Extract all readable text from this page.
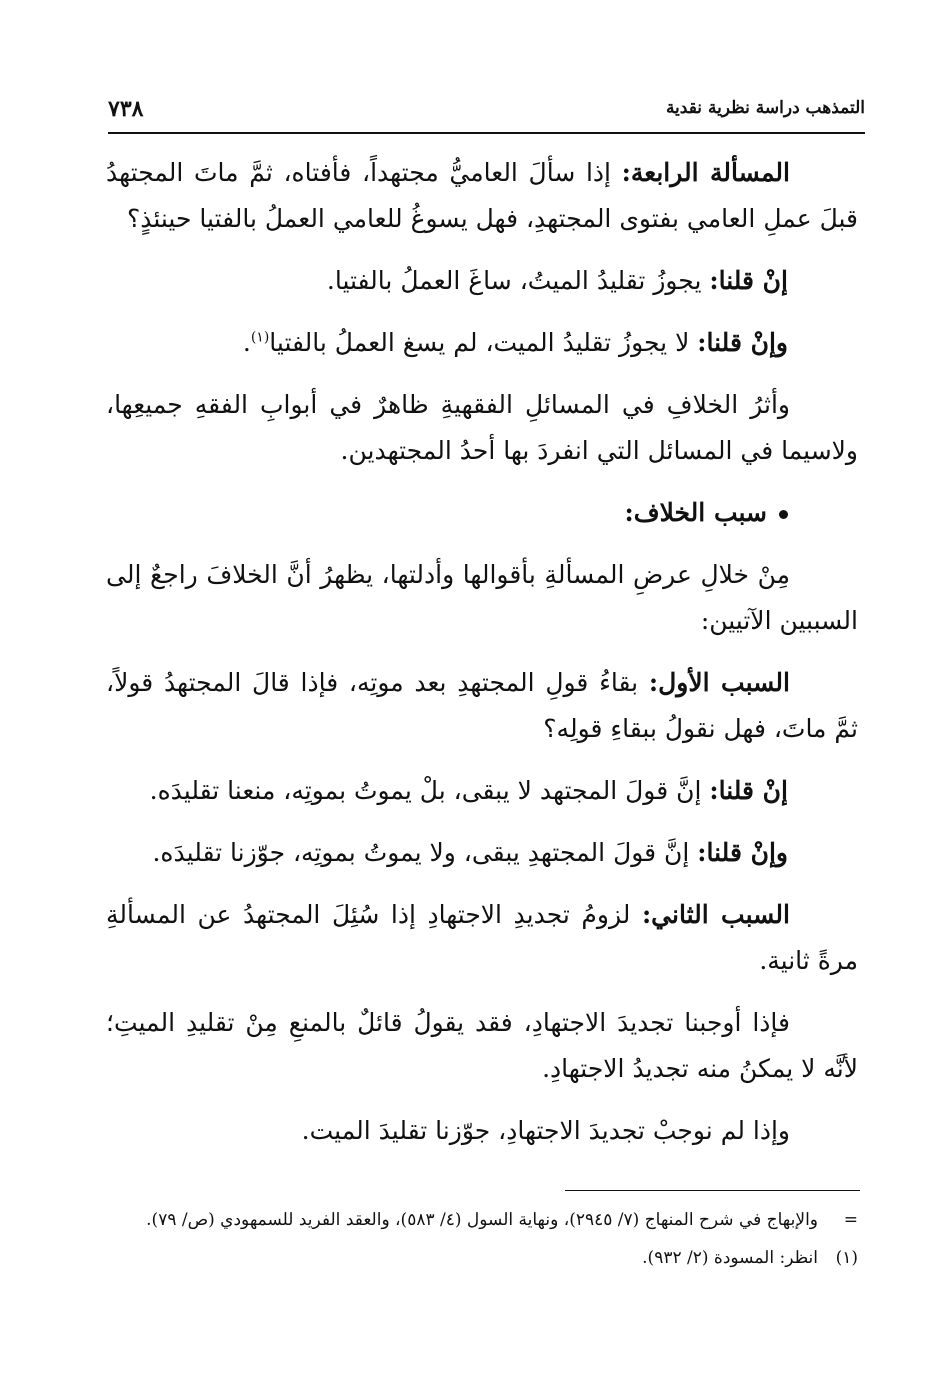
٧٣٨	التمذهب دراسة نظرية نقدية

المسألة الرابعة: إذا سألَ العاميُّ مجتهداً، فأفتاه، ثمَّ ماتَ المجتهدُ قبلَ عملِ العامي بفتوى المجتهدِ، فهل يسوغُ للعامي العملُ بالفتيا حينئذٍ؟

إنْ قلنا: يجوزُ تقليدُ الميتُ، ساغَ العملُ بالفتيا.

وإنْ قلنا: لا يجوزُ تقليدُ الميت، لم يسغ العملُ بالفتيا$^{(١)}$.

وأثرُ الخلافِ في المسائلِ الفقهيةِ ظاهرٌ في أبوابِ الفقهِ جميعِها، ولاسيما في المسائل التي انفردَ بها أحدُ المجتهدين.

سبب الخلاف:

مِنْ خلالِ عرضِ المسألةِ بأقوالها وأدلتها، يظهرُ أنَّ الخلافَ راجعٌ إلى السببين الآتيين:

السبب الأول: بقاءُ قولِ المجتهدِ بعد موتِه، فإذا قالَ المجتهدُ قولاً، ثمَّ ماتَ، فهل نقولُ ببقاءِ قولِه؟

إنْ قلنا: إنَّ قولَ المجتهد لا يبقى، بلْ يموتُ بموتِه، منعنا تقليدَه.

وإنْ قلنا: إنَّ قولَ المجتهدِ يبقى، ولا يموتُ بموتِه، جوّزنا تقليدَه.

السبب الثاني: لزومُ تجديدِ الاجتهادِ إذا سُئِلَ المجتهدُ عن المسألةِ مرةً ثانية.

فإذا أوجبنا تجديدَ الاجتهادِ، فقد يقولُ قائلٌ بالمنعِ مِنْ تقليدِ الميتِ؛ لأنَّه لا يمكنُ منه تجديدُ الاجتهادِ.

وإذا لم نوجبْ تجديدَ الاجتهادِ، جوّزنا تقليدَ الميت.

=والإبهاج في شرح المنهاج (٧/ ٢٩٤٥)، ونهاية السول (٤/ ٥٨٣)، والعقد الفريد للسمهودي (ص/ ٧٩).

(١)انظر: المسودة (٢/ ٩٣٢).
